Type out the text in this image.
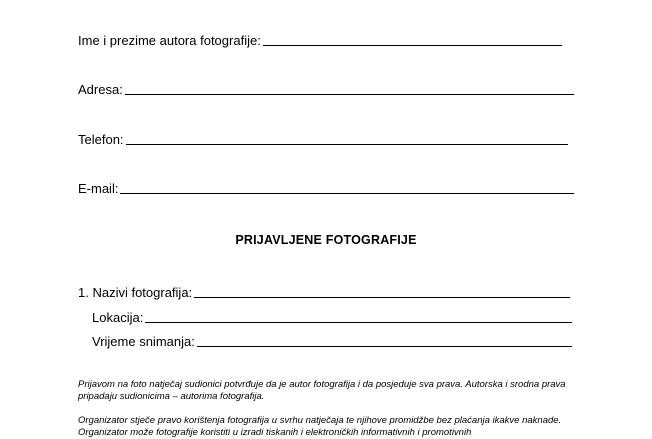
Ime i prezime autora fotografije:
Adresa:
Telefon:
E-mail:
PRIJAVLJENE FOTOGRAFIJE
1. Nazivi fotografija:
Lokacija:
Vrijeme snimanja:
Prijavom na foto natječaj sudionici potvrđuje da je autor fotografija i da posjeduje sva prava. Autorska i srodna prava pripadaju sudionicima – autorima fotografija.
Organizator stječe pravo korištenja fotografija u svrhu natječaja te njihove promidžbe bez plaćanja ikakve naknade. Organizator može fotografije koristiti u izradi tiskanih i elektroničkih informativnih i promotivnih
